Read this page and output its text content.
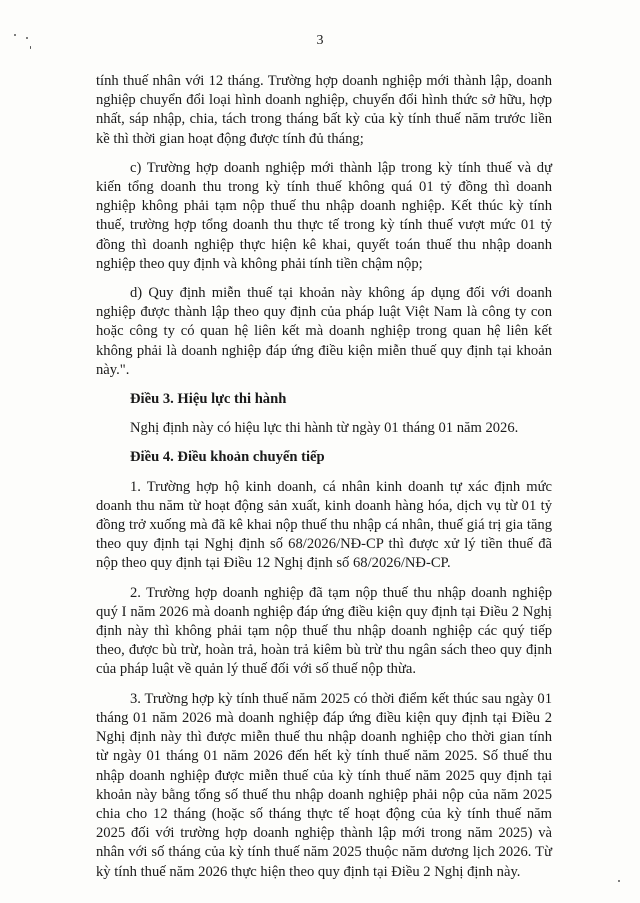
3

tính thuế nhân với 12 tháng. Trường hợp doanh nghiệp mới thành lập, doanh nghiệp chuyển đổi loại hình doanh nghiệp, chuyển đổi hình thức sở hữu, hợp nhất, sáp nhập, chia, tách trong tháng bất kỳ của kỳ tính thuế năm trước liền kề thì thời gian hoạt động được tính đủ tháng;

c) Trường hợp doanh nghiệp mới thành lập trong kỳ tính thuế và dự kiến tổng doanh thu trong kỳ tính thuế không quá 01 tỷ đồng thì doanh nghiệp không phải tạm nộp thuế thu nhập doanh nghiệp. Kết thúc kỳ tính thuế, trường hợp tổng doanh thu thực tế trong kỳ tính thuế vượt mức 01 tỷ đồng thì doanh nghiệp thực hiện kê khai, quyết toán thuế thu nhập doanh nghiệp theo quy định và không phải tính tiền chậm nộp;

d) Quy định miễn thuế tại khoản này không áp dụng đối với doanh nghiệp được thành lập theo quy định của pháp luật Việt Nam là công ty con hoặc công ty có quan hệ liên kết mà doanh nghiệp trong quan hệ liên kết không phải là doanh nghiệp đáp ứng điều kiện miễn thuế quy định tại khoản này.".

Điều 3. Hiệu lực thi hành

Nghị định này có hiệu lực thi hành từ ngày 01 tháng 01 năm 2026.

Điều 4. Điều khoản chuyển tiếp

1. Trường hợp hộ kinh doanh, cá nhân kinh doanh tự xác định mức doanh thu năm từ hoạt động sản xuất, kinh doanh hàng hóa, dịch vụ từ 01 tỷ đồng trở xuống mà đã kê khai nộp thuế thu nhập cá nhân, thuế giá trị gia tăng theo quy định tại Nghị định số 68/2026/NĐ-CP thì được xử lý tiền thuế đã nộp theo quy định tại Điều 12 Nghị định số 68/2026/NĐ-CP.

2. Trường hợp doanh nghiệp đã tạm nộp thuế thu nhập doanh nghiệp quý I năm 2026 mà doanh nghiệp đáp ứng điều kiện quy định tại Điều 2 Nghị định này thì không phải tạm nộp thuế thu nhập doanh nghiệp các quý tiếp theo, được bù trừ, hoàn trả, hoàn trả kiêm bù trừ thu ngân sách theo quy định của pháp luật về quản lý thuế đối với số thuế nộp thừa.

3. Trường hợp kỳ tính thuế năm 2025 có thời điểm kết thúc sau ngày 01 tháng 01 năm 2026 mà doanh nghiệp đáp ứng điều kiện quy định tại Điều 2 Nghị định này thì được miễn thuế thu nhập doanh nghiệp cho thời gian tính từ ngày 01 tháng 01 năm 2026 đến hết kỳ tính thuế năm 2025. Số thuế thu nhập doanh nghiệp được miễn thuế của kỳ tính thuế năm 2025 quy định tại khoản này bằng tổng số thuế thu nhập doanh nghiệp phải nộp của năm 2025 chia cho 12 tháng (hoặc số tháng thực tế hoạt động của kỳ tính thuế năm 2025 đối với trường hợp doanh nghiệp thành lập mới trong năm 2025) và nhân với số tháng của kỳ tính thuế năm 2025 thuộc năm dương lịch 2026. Từ kỳ tính thuế năm 2026 thực hiện theo quy định tại Điều 2 Nghị định này.
